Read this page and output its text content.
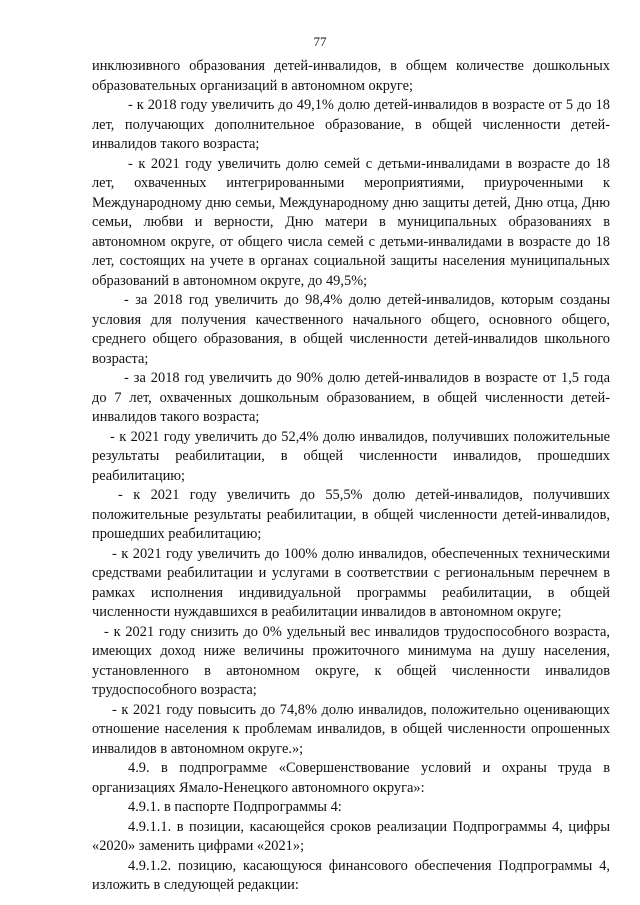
77

инклюзивного образования детей-инвалидов, в общем количестве дошкольных образовательных организаций в автономном округе;

- к 2018 году увеличить до 49,1% долю детей-инвалидов в возрасте от 5 до 18 лет, получающих дополнительное образование, в общей численности детей-инвалидов такого возраста;

- к 2021 году увеличить долю семей с детьми-инвалидами в возрасте до 18 лет, охваченных интегрированными мероприятиями, приуроченными к Международному дню семьи, Международному дню защиты детей, Дню отца, Дню семьи, любви и верности, Дню матери в муниципальных образованиях в автономном округе, от общего числа семей с детьми-инвалидами в возрасте до 18 лет, состоящих на учете в органах социальной защиты населения муниципальных образований в автономном округе, до 49,5%;

- за 2018 год увеличить до 98,4% долю детей-инвалидов, которым созданы условия для получения качественного начального общего, основного общего, среднего общего образования, в общей численности детей-инвалидов школьного возраста;

- за 2018 год увеличить до 90% долю детей-инвалидов в возрасте от 1,5 года до 7 лет, охваченных дошкольным образованием, в общей численности детей-инвалидов такого возраста;

- к 2021 году увеличить до 52,4% долю инвалидов, получивших положительные результаты реабилитации, в общей численности инвалидов, прошедших реабилитацию;

- к 2021 году увеличить до 55,5% долю детей-инвалидов, получивших положительные результаты реабилитации, в общей численности детей-инвалидов, прошедших реабилитацию;

- к 2021 году увеличить до 100% долю инвалидов, обеспеченных техническими средствами реабилитации и услугами в соответствии с региональным перечнем в рамках исполнения индивидуальной программы реабилитации, в общей численности нуждавшихся в реабилитации инвалидов в автономном округе;

- к 2021 году снизить до 0% удельный вес инвалидов трудоспособного возраста, имеющих доход ниже величины прожиточного минимума на душу населения, установленного в автономном округе, к общей численности инвалидов трудоспособного возраста;

- к 2021 году повысить до 74,8% долю инвалидов, положительно оценивающих отношение населения к проблемам инвалидов, в общей численности опрошенных инвалидов в автономном округе.»;

4.9. в подпрограмме «Совершенствование условий и охраны труда в организациях Ямало-Ненецкого автономного округа»:

4.9.1. в паспорте Подпрограммы 4:

4.9.1.1. в позиции, касающейся сроков реализации Подпрограммы 4, цифры «2020» заменить цифрами «2021»;

4.9.1.2. позицию, касающуюся финансового обеспечения Подпрограммы 4, изложить в следующей редакции:
